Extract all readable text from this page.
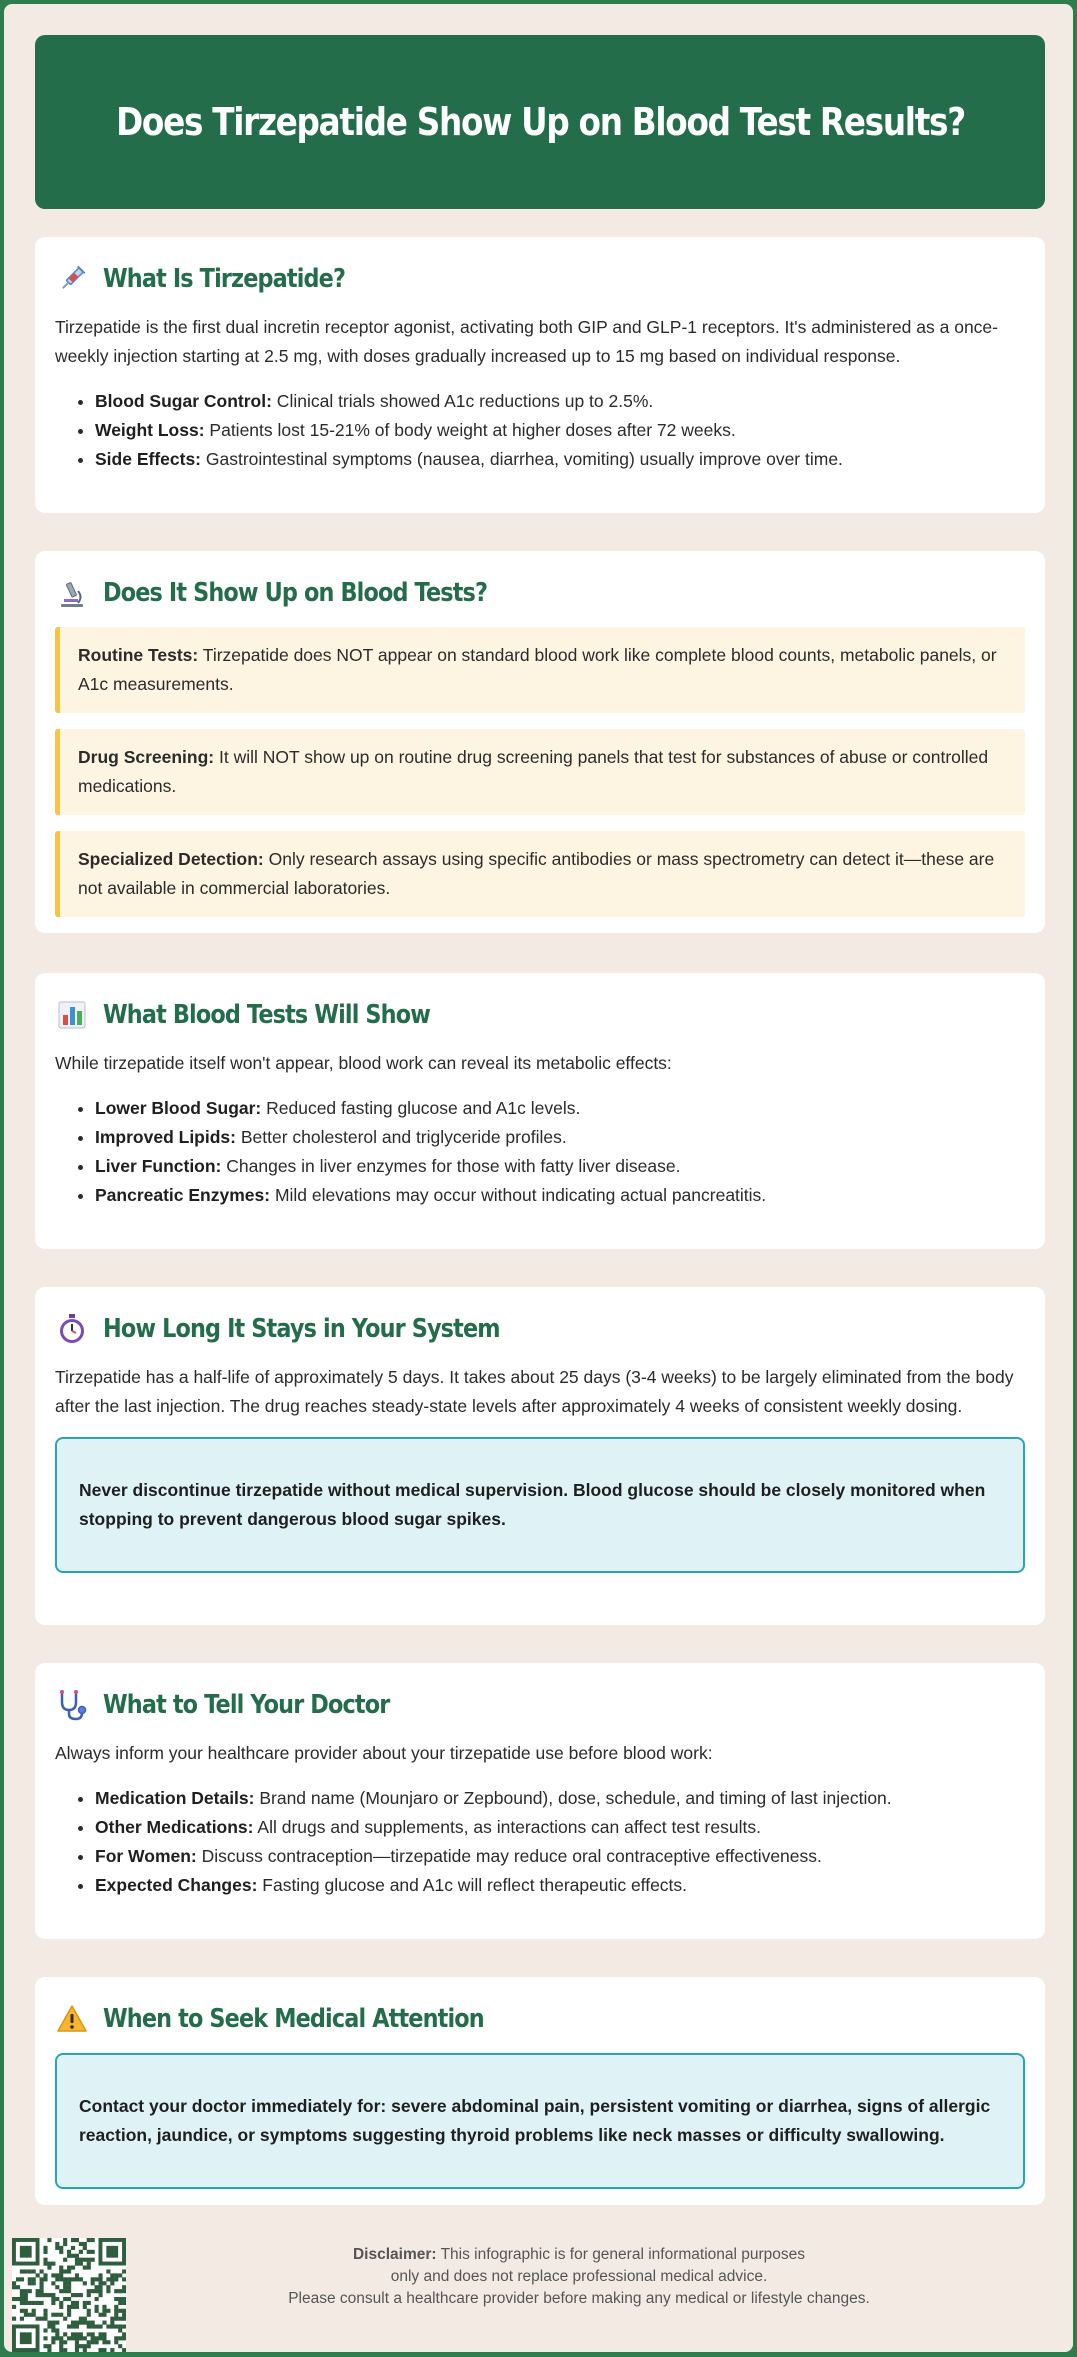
Does Tirzepatide Show Up on Blood Test Results?
What Is Tirzepatide?

Tirzepatide is the first dual incretin receptor agonist, activating both GIP and GLP-1 receptors. It's administered as a once-weekly injection starting at 2.5 mg, with doses gradually increased up to 15 mg based on individual response.

• Blood Sugar Control: Clinical trials showed A1c reductions up to 2.5%.
• Weight Loss: Patients lost 15-21% of body weight at higher doses after 72 weeks.
• Side Effects: Gastrointestinal symptoms (nausea, diarrhea, vomiting) usually improve over time.
Does It Show Up on Blood Tests?
Routine Tests: Tirzepatide does NOT appear on standard blood work like complete blood counts, metabolic panels, or A1c measurements.
Drug Screening: It will NOT show up on routine drug screening panels that test for substances of abuse or controlled medications.
Specialized Detection: Only research assays using specific antibodies or mass spectrometry can detect it—these are not available in commercial laboratories.
What Blood Tests Will Show

While tirzepatide itself won't appear, blood work can reveal its metabolic effects:

• Lower Blood Sugar: Reduced fasting glucose and A1c levels.
• Improved Lipids: Better cholesterol and triglyceride profiles.
• Liver Function: Changes in liver enzymes for those with fatty liver disease.
• Pancreatic Enzymes: Mild elevations may occur without indicating actual pancreatitis.
How Long It Stays in Your System

Tirzepatide has a half-life of approximately 5 days. It takes about 25 days (3-4 weeks) to be largely eliminated from the body after the last injection. The drug reaches steady-state levels after approximately 4 weeks of consistent weekly dosing.

Never discontinue tirzepatide without medical supervision. Blood glucose should be closely monitored when stopping to prevent dangerous blood sugar spikes.
What to Tell Your Doctor

Always inform your healthcare provider about your tirzepatide use before blood work:

• Medication Details: Brand name (Mounjaro or Zepbound), dose, schedule, and timing of last injection.
• Other Medications: All drugs and supplements, as interactions can affect test results.
• For Women: Discuss contraception—tirzepatide may reduce oral contraceptive effectiveness.
• Expected Changes: Fasting glucose and A1c will reflect therapeutic effects.
When to Seek Medical Attention
Contact your doctor immediately for: severe abdominal pain, persistent vomiting or diarrhea, signs of allergic reaction, jaundice, or symptoms suggesting thyroid problems like neck masses or difficulty swallowing.
Disclaimer: This infographic is for general informational purposes
only and does not replace professional medical advice.
Please consult a healthcare provider before making any medical or lifestyle changes.
